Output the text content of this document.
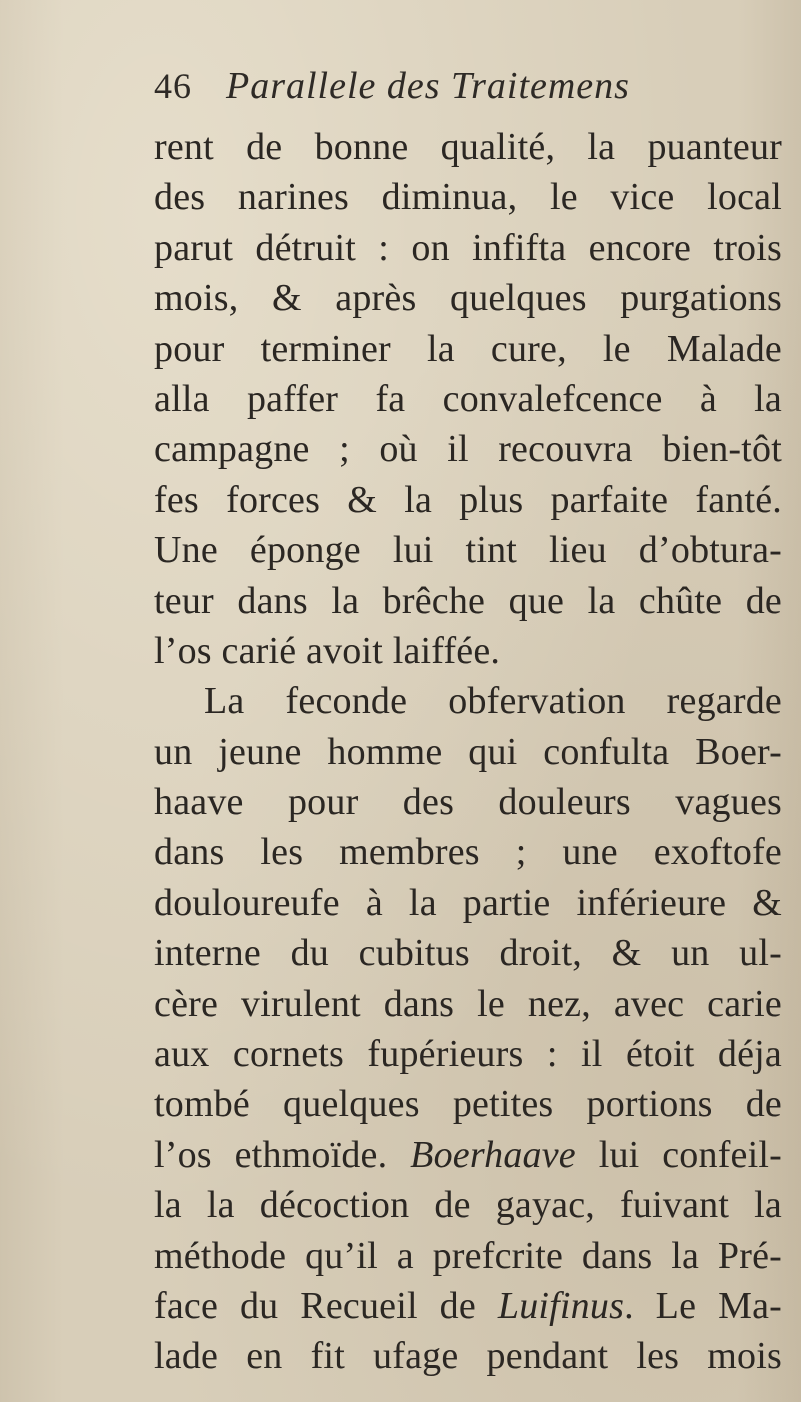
46 Parallele des Traitemens
rent de bonne qualité, la puanteur
des narines diminua, le vice local
parut détruit : on infifta encore trois
mois, & après quelques purgations
pour terminer la cure, le Malade
alla paffer fa convalefcence à la
campagne ; où il recouvra bien-tôt
fes forces & la plus parfaite fanté.
Une éponge lui tint lieu d’obtura-
teur dans la brêche que la chûte de
l’os carié avoit laiffée.
La feconde obfervation regarde
un jeune homme qui confulta Boer-
haave pour des douleurs vagues
dans les membres ; une exoftofe
douloureufe à la partie inférieure &
interne du cubitus droit, & un ul-
cère virulent dans le nez, avec carie
aux cornets fupérieurs : il étoit déja
tombé quelques petites portions de
l’os ethmoïde. Boerhaave lui confeil-
la la décoction de gayac, fuivant la
méthode qu’il a prefcrite dans la Pré-
face du Recueil de Luifinus. Le Ma-
lade en fit ufage pendant les mois
